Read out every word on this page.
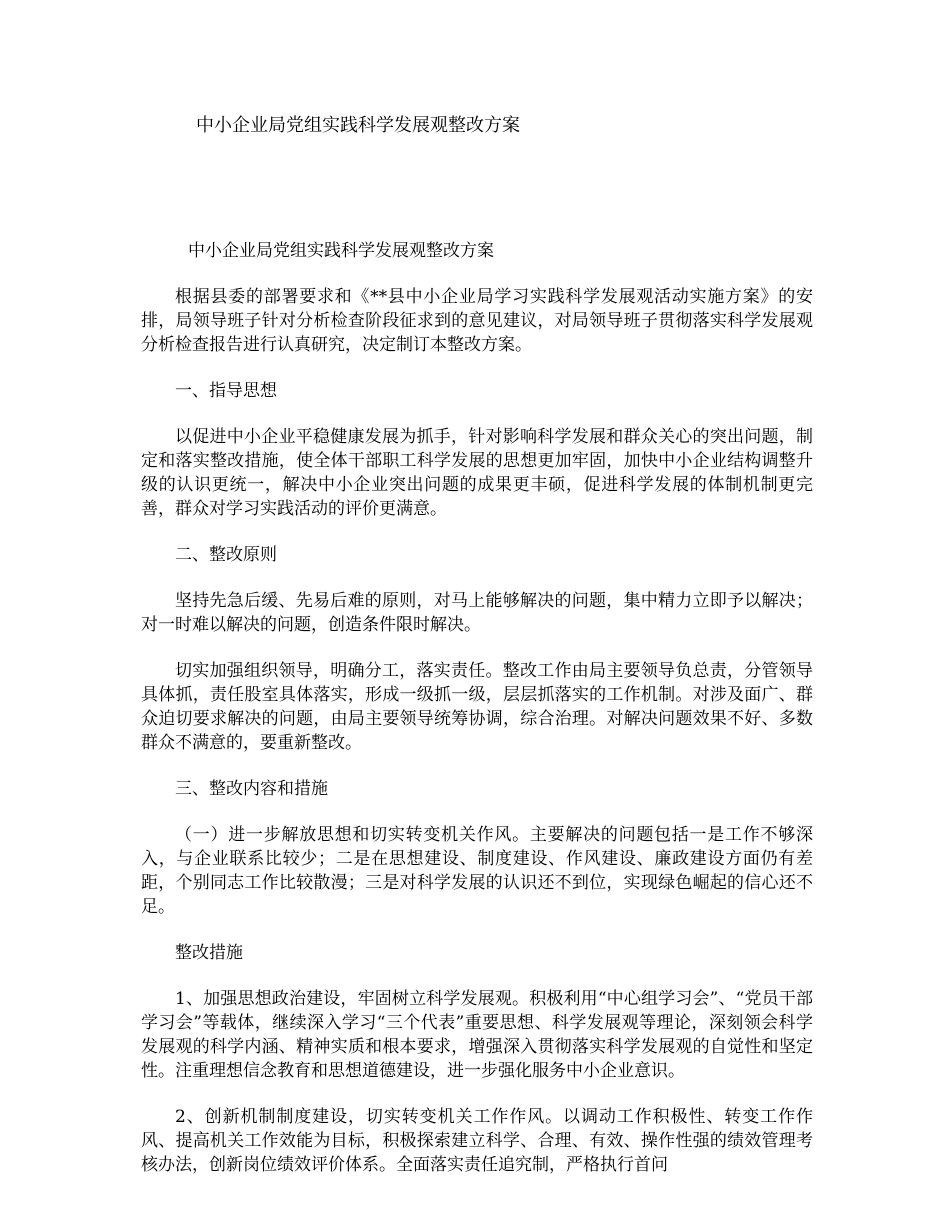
中小企业局党组实践科学发展观整改方案

中小企业局党组实践科学发展观整改方案

根据县委的部署要求和《**县中小企业局学习实践科学发展观活动实施方案》的安排，局领导班子针对分析检查阶段征求到的意见建议，对局领导班子贯彻落实科学发展观分析检查报告进行认真研究，决定制订本整改方案。

一、指导思想

以促进中小企业平稳健康发展为抓手，针对影响科学发展和群众关心的突出问题，制定和落实整改措施，使全体干部职工科学发展的思想更加牢固，加快中小企业结构调整升级的认识更统一，解决中小企业突出问题的成果更丰硕，促进科学发展的体制机制更完善，群众对学习实践活动的评价更满意。

二、整改原则

坚持先急后缓、先易后难的原则，对马上能够解决的问题，集中精力立即予以解决；对一时难以解决的问题，创造条件限时解决。

切实加强组织领导，明确分工，落实责任。整改工作由局主要领导负总责，分管领导具体抓，责任股室具体落实，形成一级抓一级，层层抓落实的工作机制。对涉及面广、群众迫切要求解决的问题，由局主要领导统筹协调，综合治理。对解决问题效果不好、多数群众不满意的，要重新整改。

三、整改内容和措施

（一）进一步解放思想和切实转变机关作风。主要解决的问题包括一是工作不够深入，与企业联系比较少；二是在思想建设、制度建设、作风建设、廉政建设方面仍有差距，个别同志工作比较散漫；三是对科学发展的认识还不到位，实现绿色崛起的信心还不足。

整改措施

1、加强思想政治建设，牢固树立科学发展观。积极利用“中心组学习会”、“党员干部学习会”等载体，继续深入学习“三个代表”重要思想、科学发展观等理论，深刻领会科学发展观的科学内涵、精神实质和根本要求，增强深入贯彻落实科学发展观的自觉性和坚定性。注重理想信念教育和思想道德建设，进一步强化服务中小企业意识。

2、创新机制制度建设，切实转变机关工作作风。以调动工作积极性、转变工作作风、提高机关工作效能为目标，积极探索建立科学、合理、有效、操作性强的绩效管理考核办法，创新岗位绩效评价体系。全面落实责任追究制，严格执行首问
